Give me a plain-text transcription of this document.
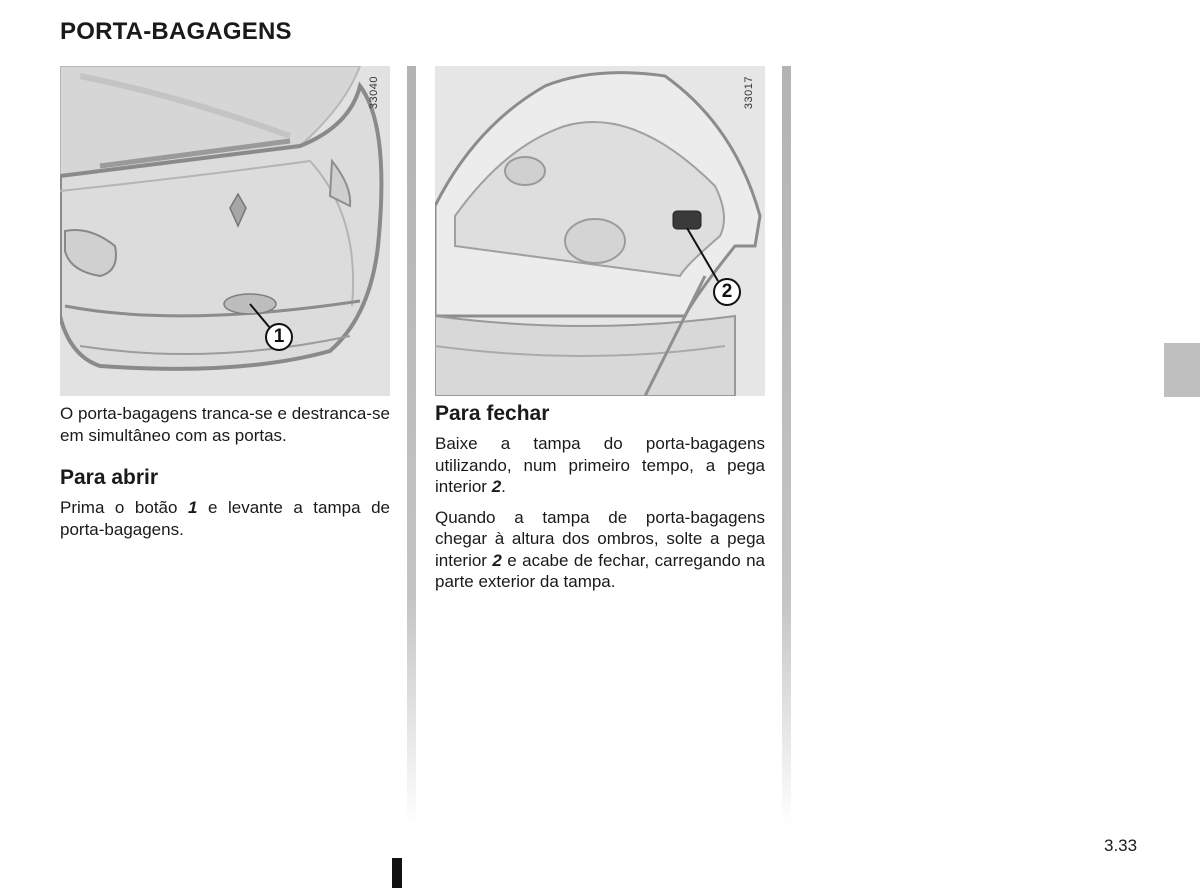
PORTA-BAGAGENS
33040
1

O porta-bagagens tranca-se e destranca-se em simultâneo com as portas.

Para abrir

Prima o botão 1 e levante a tampa de porta-bagagens.

33017
2
Para fechar

Baixe a tampa do porta-bagagens utilizando, num primeiro tempo, a pega interior 2.

Quando a tampa de porta-bagagens chegar à altura dos ombros, solte a pega interior 2 e acabe de fechar, carregando na parte exterior da tampa.

3.33
